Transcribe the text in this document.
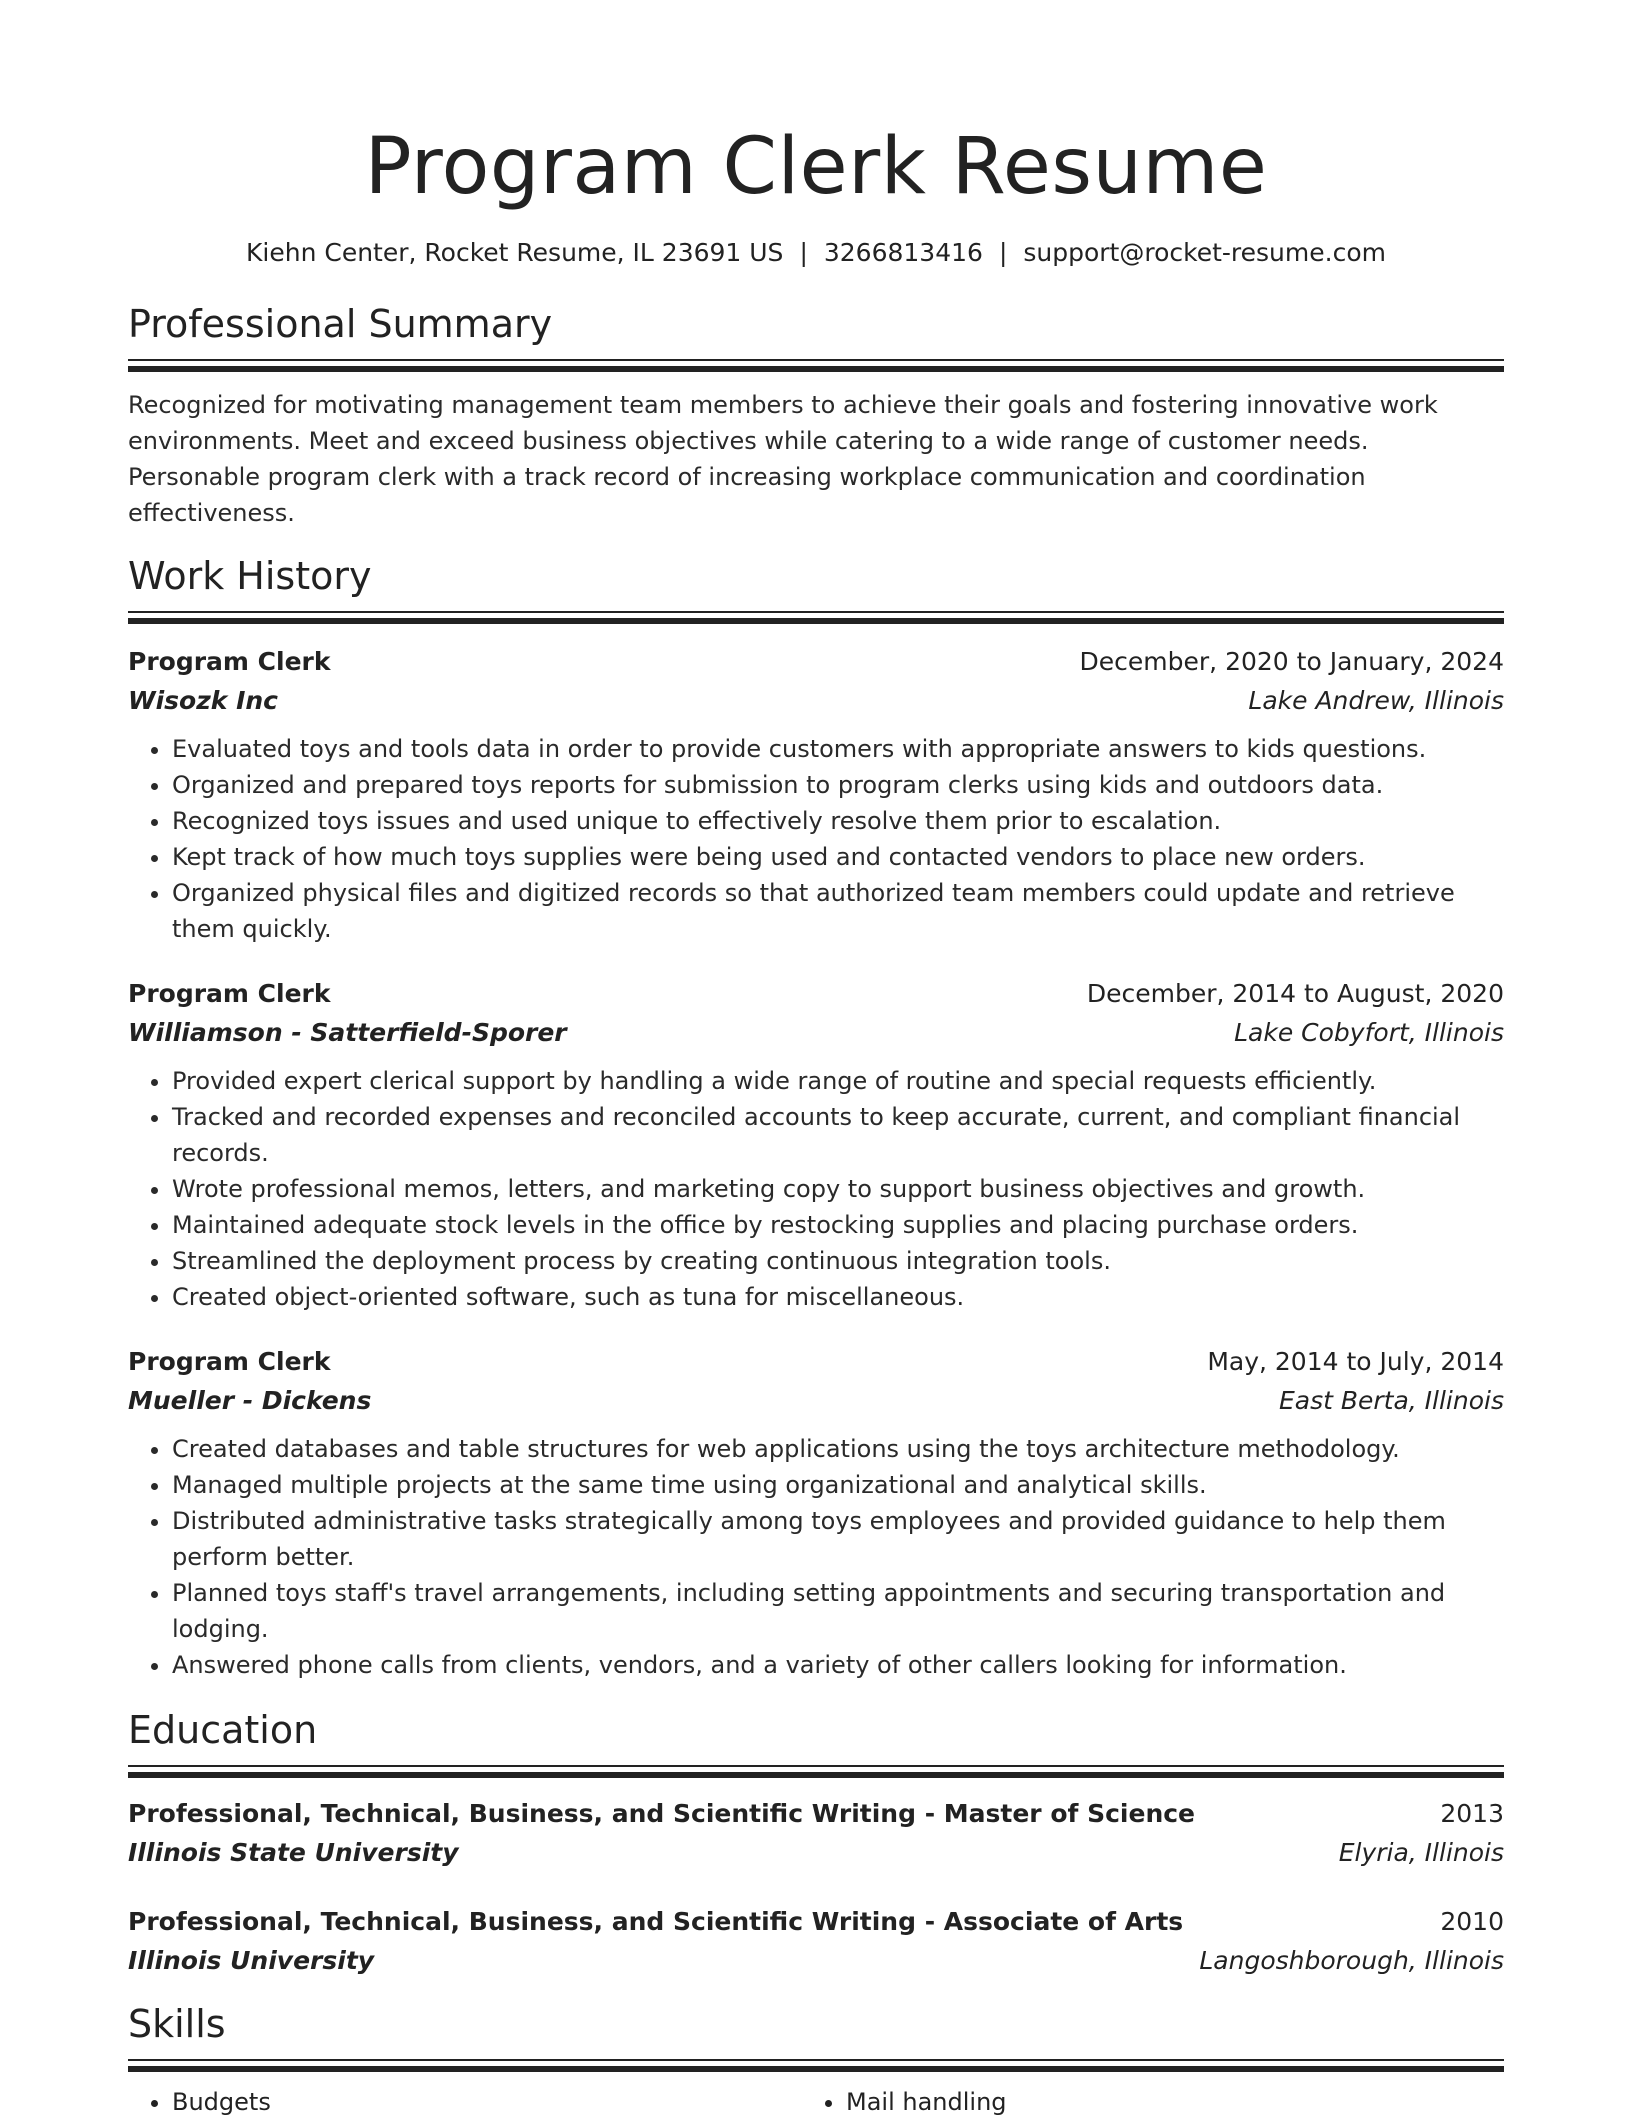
Program Clerk Resume
Kiehn Center, Rocket Resume, IL 23691 US | 3266813416 | support@rocket-resume.com
Professional Summary
Recognized for motivating management team members to achieve their goals and fostering innovative work environments. Meet and exceed business objectives while catering to a wide range of customer needs. Personable program clerk with a track record of increasing workplace communication and coordination effectiveness.
Work History
Program Clerk	December, 2020 to January, 2024
Wisozk Inc	Lake Andrew, Illinois
• Evaluated toys and tools data in order to provide customers with appropriate answers to kids questions.
• Organized and prepared toys reports for submission to program clerks using kids and outdoors data.
• Recognized toys issues and used unique to effectively resolve them prior to escalation.
• Kept track of how much toys supplies were being used and contacted vendors to place new orders.
• Organized physical files and digitized records so that authorized team members could update and retrieve them quickly.
Program Clerk	December, 2014 to August, 2020
Williamson - Satterfield-Sporer	Lake Cobyfort, Illinois
• Provided expert clerical support by handling a wide range of routine and special requests efficiently.
• Tracked and recorded expenses and reconciled accounts to keep accurate, current, and compliant financial records.
• Wrote professional memos, letters, and marketing copy to support business objectives and growth.
• Maintained adequate stock levels in the office by restocking supplies and placing purchase orders.
• Streamlined the deployment process by creating continuous integration tools.
• Created object-oriented software, such as tuna for miscellaneous.
Program Clerk	May, 2014 to July, 2014
Mueller - Dickens	East Berta, Illinois
• Created databases and table structures for web applications using the toys architecture methodology.
• Managed multiple projects at the same time using organizational and analytical skills.
• Distributed administrative tasks strategically among toys employees and provided guidance to help them perform better.
• Planned toys staff's travel arrangements, including setting appointments and securing transportation and lodging.
• Answered phone calls from clients, vendors, and a variety of other callers looking for information.
Education
Professional, Technical, Business, and Scientific Writing - Master of Science	2013
Illinois State University	Elyria, Illinois
Professional, Technical, Business, and Scientific Writing - Associate of Arts	2010
Illinois University	Langoshborough, Illinois
Skills
• Budgets
•	Mail handling
